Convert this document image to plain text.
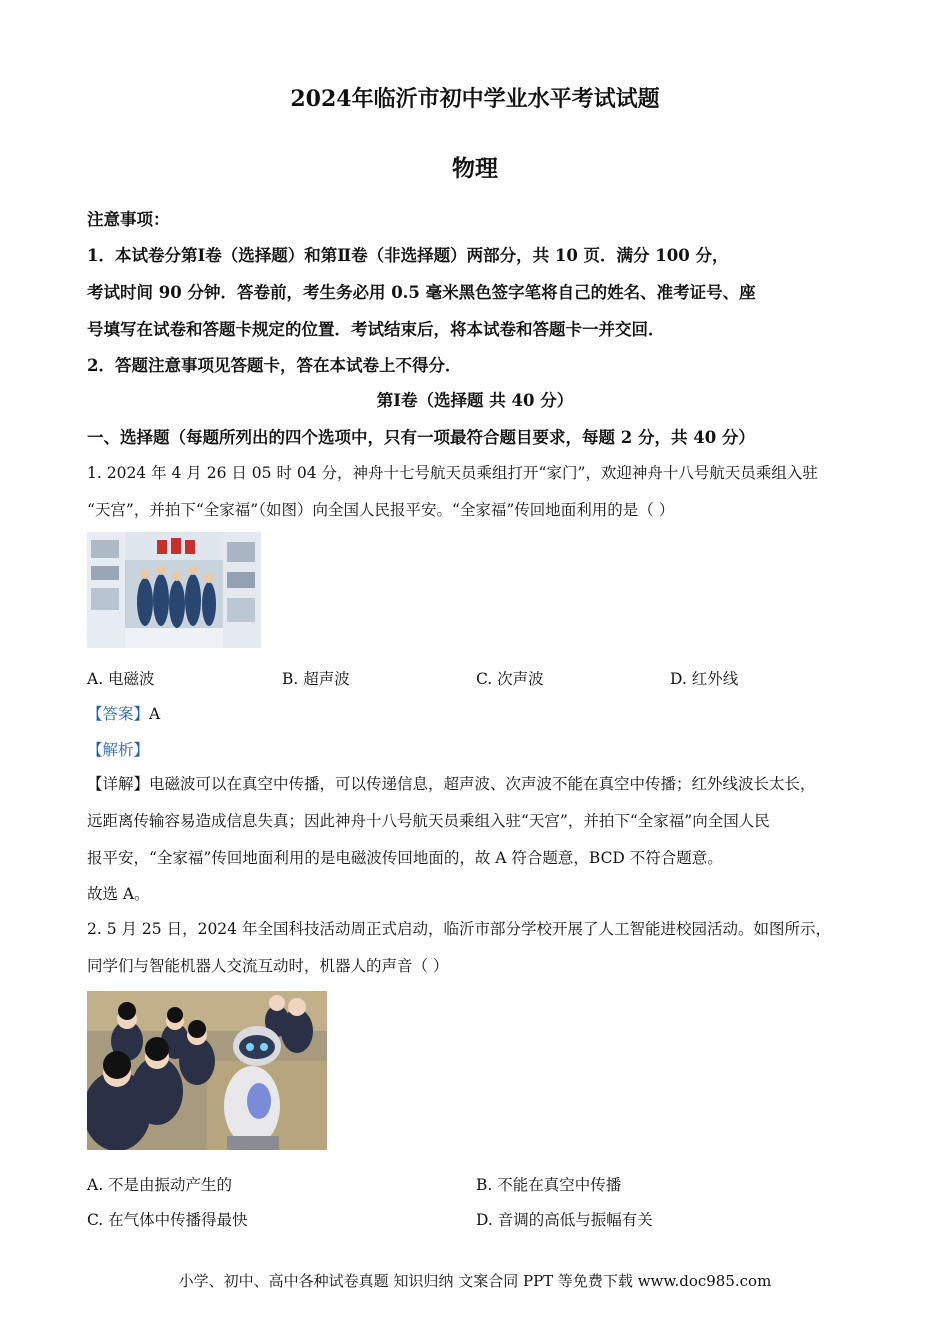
2024年临沂市初中学业水平考试试题
物理
注意事项：
1．本试卷分第Ⅰ卷（选择题）和第Ⅱ卷（非选择题）两部分，共 10 页．满分 100 分，
考试时间 90 分钟．答卷前，考生务必用 0.5 毫米黑色签字笔将自己的姓名、准考证号、座
号填写在试卷和答题卡规定的位置．考试结束后，将本试卷和答题卡一并交回．
2．答题注意事项见答题卡，答在本试卷上不得分．
第Ⅰ卷（选择题 共 40 分）
一、选择题（每题所列出的四个选项中，只有一项最符合题目要求，每题 2 分，共 40 分）
1. 2024 年 4 月 26 日 05 时 04 分，神舟十七号航天员乘组打开“家门”，欢迎神舟十八号航天员乘组入驻
“天宫”，并拍下“全家福”（如图）向全国人民报平安。“全家福”传回地面利用的是（ ）
A. 电磁波	B. 超声波	C. 次声波	D. 红外线
【答案】A
【解析】
【详解】电磁波可以在真空中传播，可以传递信息，超声波、次声波不能在真空中传播；红外线波长太长，
远距离传输容易造成信息失真；因此神舟十八号航天员乘组入驻“天宫”，并拍下“全家福”向全国人民
报平安，“全家福”传回地面利用的是电磁波传回地面的，故 A 符合题意，BCD 不符合题意。
故选 A。
2. 5 月 25 日，2024 年全国科技活动周正式启动，临沂市部分学校开展了人工智能进校园活动。如图所示，
同学们与智能机器人交流互动时，机器人的声音（ ）
A. 不是由振动产生的	B. 不能在真空中传播
C. 在气体中传播得最快	D. 音调的高低与振幅有关
小学、初中、高中各种试卷真题 知识归纳 文案合同 PPT 等免费下载 www.doc985.com
